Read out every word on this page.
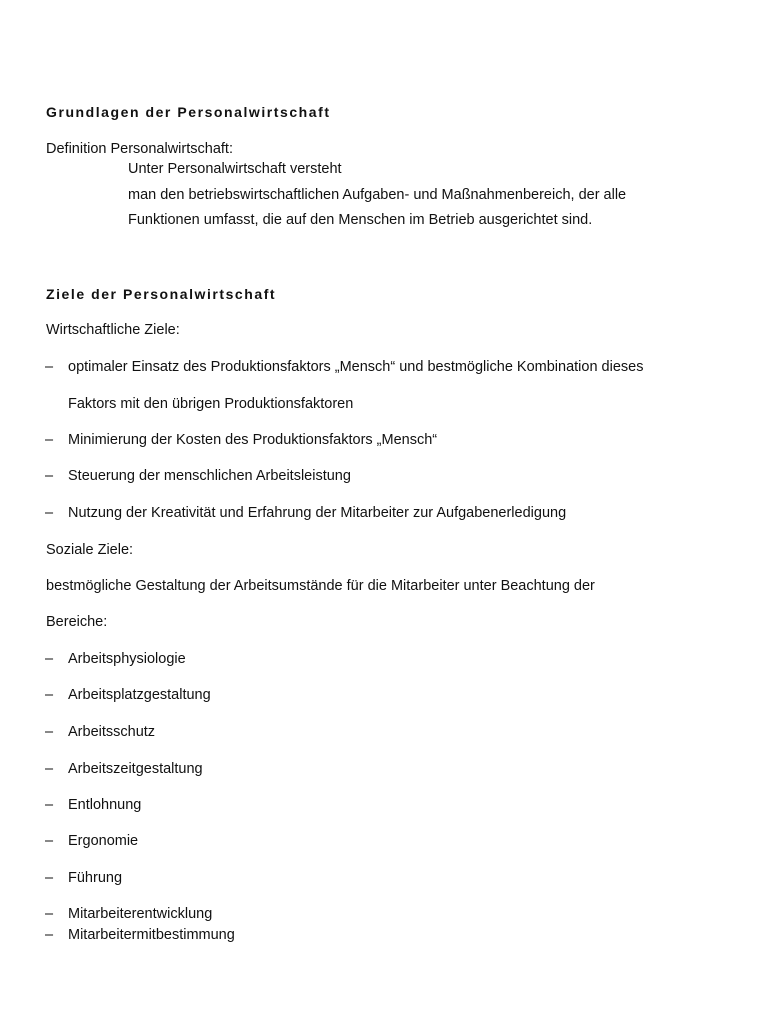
Grundlagen der Personalwirtschaft
Definition Personalwirtschaft:
Unter Personalwirtschaft versteht
man den betriebswirtschaftlichen Aufgaben- und Maßnahmenbereich, der alle
Funktionen umfasst, die auf den Menschen im Betrieb ausgerichtet sind.
Ziele der Personalwirtschaft
Wirtschaftliche Ziele:
– optimaler Einsatz des Produktionsfaktors „Mensch“ und bestmögliche Kombination dieses
Faktors mit den übrigen Produktionsfaktoren
– Minimierung der Kosten des Produktionsfaktors „Mensch“
– Steuerung der menschlichen Arbeitsleistung
– Nutzung der Kreativität und Erfahrung der Mitarbeiter zur Aufgabenerledigung
Soziale Ziele:
bestmögliche Gestaltung der Arbeitsumstände für die Mitarbeiter unter Beachtung der
Bereiche:
– Arbeitsphysiologie
– Arbeitsplatzgestaltung
– Arbeitsschutz
– Arbeitszeitgestaltung
– Entlohnung
– Ergonomie
– Führung
– Mitarbeiterentwicklung
– Mitarbeitermitbestimmung
